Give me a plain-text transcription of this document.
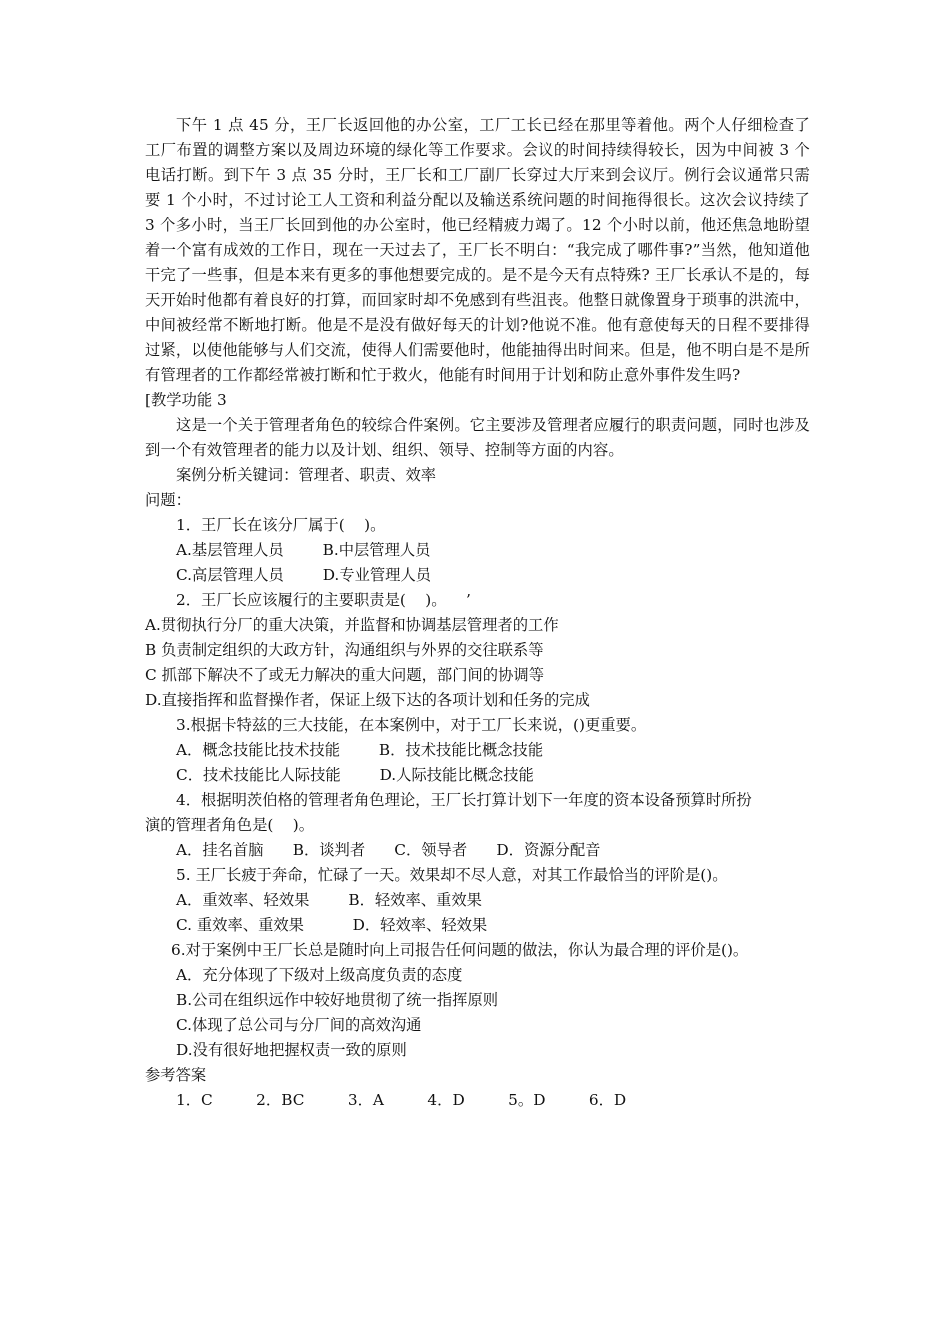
下午 1 点 45 分，王厂长返回他的办公室，工厂工长已经在那里等着他。两个人仔细检查了工厂布置的调整方案以及周边环境的绿化等工作要求。会议的时间持续得较长，因为中间被 3 个电话打断。到下午 3 点 35 分时，王厂长和工厂副厂长穿过大厅来到会议厅。例行会议通常只需要 1 个小时，不过讨论工人工资和利益分配以及输送系统问题的时间拖得很长。这次会议持续了 3 个多小时，当王厂长回到他的办公室时，他已经精疲力竭了。12 个小时以前，他还焦急地盼望着一个富有成效的工作日，现在一天过去了，王厂长不明白：“我完成了哪件事?”当然，他知道他干完了一些事，但是本来有更多的事他想要完成的。是不是今天有点特殊? 王厂长承认不是的，每天开始时他都有着良好的打算，而回家时却不免感到有些沮丧。他整日就像置身于琐事的洪流中，中间被经常不断地打断。他是不是没有做好每天的计划?他说不准。他有意使每天的日程不要排得过紧，以使他能够与人们交流，使得人们需要他时，他能抽得出时间来。但是，他不明白是不是所有管理者的工作都经常被打断和忙于救火，他能有时间用于计划和防止意外事件发生吗?

[教学功能 3

这是一个关于管理者角色的较综合件案例。它主要涉及管理者应履行的职责问题，同时也涉及到一个有效管理者的能力以及计划、组织、领导、控制等方面的内容。

案例分析关键词：管理者、职责、效率

问题：

1．王厂长在该分厂属于(    )。

A.基层管理人员        B.中层管理人员

C.高层管理人员        D.专业管理人员

2．王厂长应该履行的主要职责是(    )。    ’

A.贯彻执行分厂的重大决策，并监督和协调基层管理者的工作

B 负责制定组织的大政方针，沟通组织与外界的交往联系等

C 抓部下解决不了或无力解决的重大问题，部门间的协调等

D.直接指挥和监督操作者，保证上级下达的各项计划和任务的完成

3.根据卡特兹的三大技能，在本案例中，对于工厂长来说，()更重要。

A．概念技能比技术技能        B．技术技能比概念技能

C．技术技能比人际技能        D.人际技能比概念技能

4．根据明茨伯格的管理者角色理论，王厂长打算计划下一年度的资本设备预算时所扮

演的管理者角色是(    )。

A．挂名首脑      B．谈判者      C．领导者      D．资源分配音

5. 王厂长疲于奔命，忙碌了一天。效果却不尽人意，对其工作最恰当的评阶是()。

A．重效率、轻效果        B．轻效率、重效果

C. 重效率、重效果          D．轻效率、轻效果

6.对于案例中王厂长总是随时向上司报告任何问题的做法，你认为最合理的评价是()。

A．充分体现了下级对上级高度负责的态度

B.公司在组织远作中较好地贯彻了统一指挥原则

C.体现了总公司与分厂间的高效沟通

D.没有很好地把握权责一致的原则

参考答案

1．C    2．BC    3．A    4．D    5。D    6．D
